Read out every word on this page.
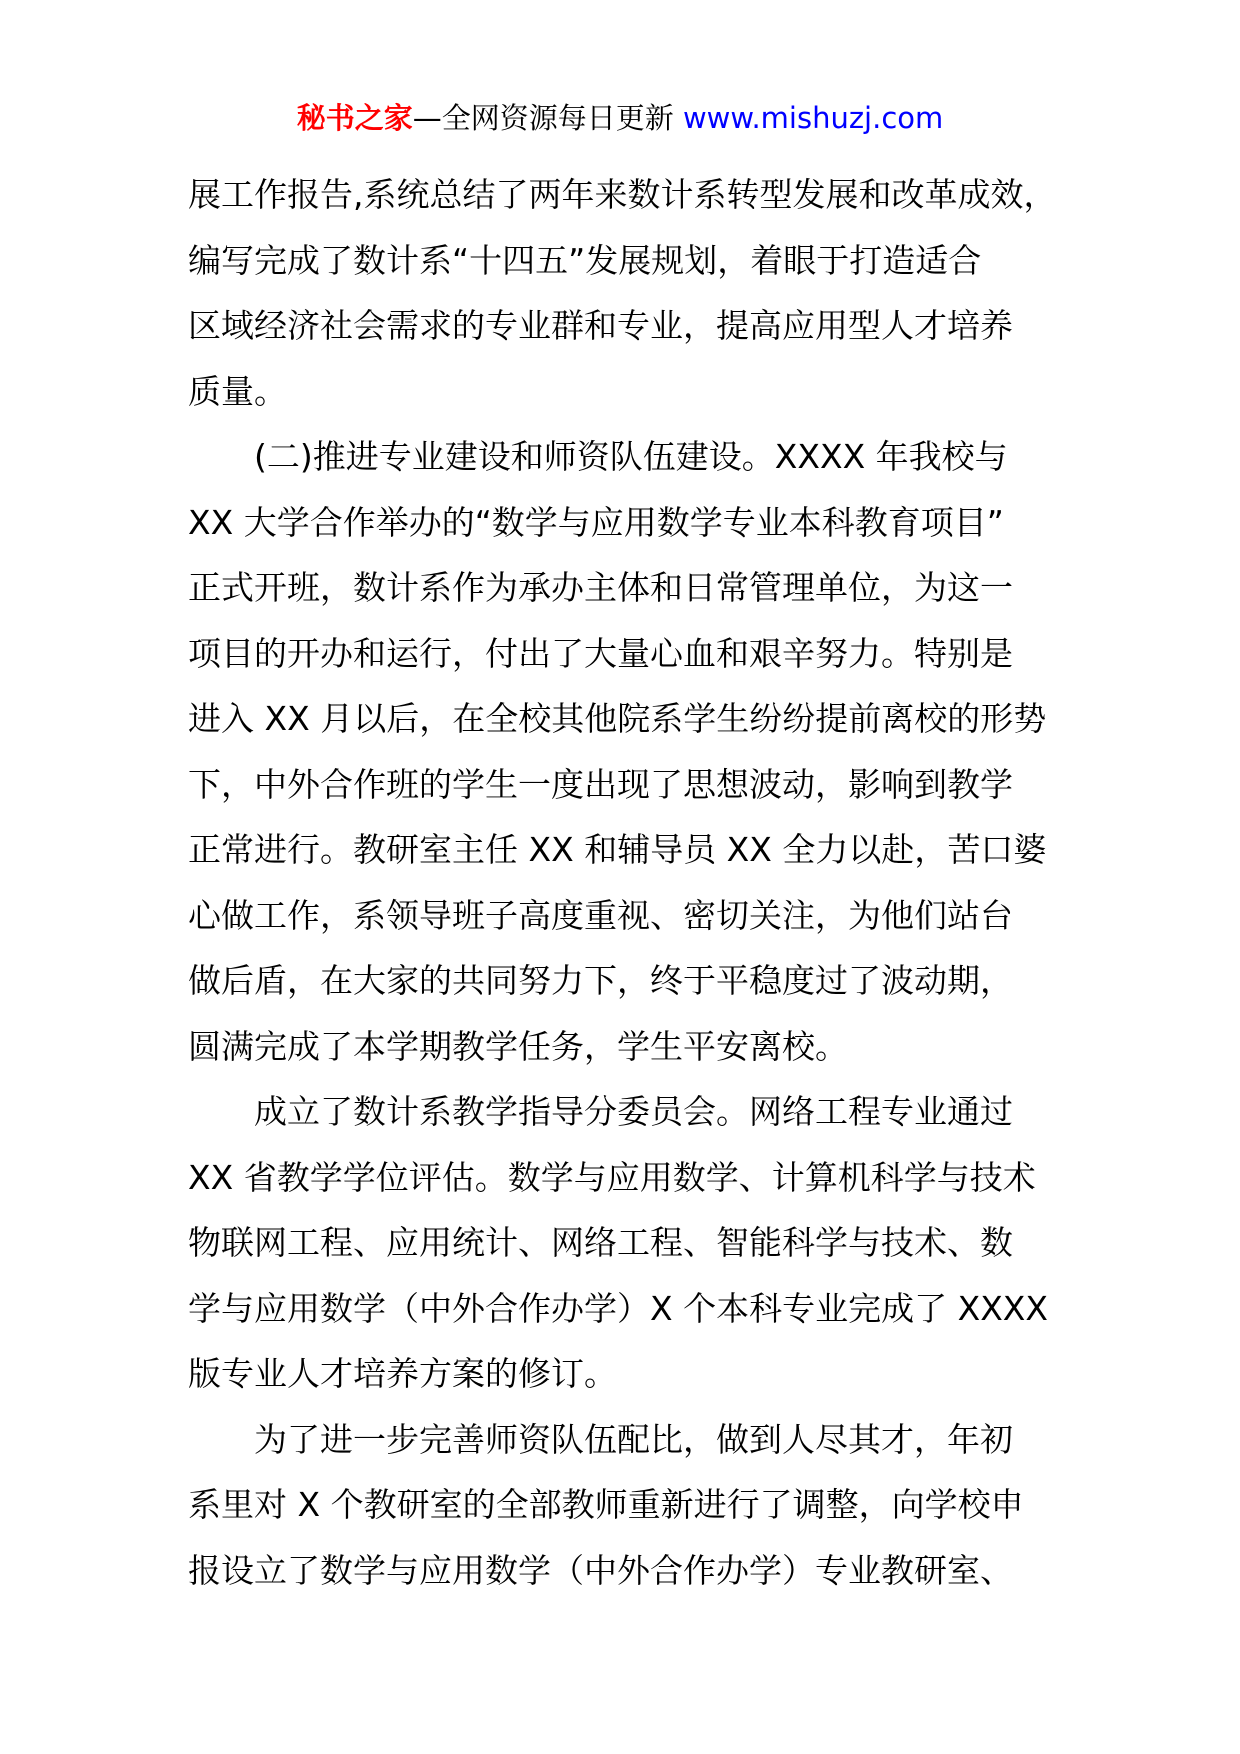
秘书之家—全网资源每日更新 www.mishuzj.com
展工作报告,系统总结了两年来数计系转型发展和改革成效，
编写完成了数计系“十四五”发展规划，着眼于打造适合
区域经济社会需求的专业群和专业，提高应用型人才培养
质量。
(二)推进专业建设和师资队伍建设。XXXX 年我校与
XX 大学合作举办的“数学与应用数学专业本科教育项目”
正式开班，数计系作为承办主体和日常管理单位，为这一
项目的开办和运行，付出了大量心血和艰辛努力。特别是
进入 XX 月以后，在全校其他院系学生纷纷提前离校的形势
下，中外合作班的学生一度出现了思想波动，影响到教学
正常进行。教研室主任 XX 和辅导员 XX 全力以赴，苦口婆
心做工作，系领导班子高度重视、密切关注，为他们站台
做后盾，在大家的共同努力下，终于平稳度过了波动期，
圆满完成了本学期教学任务，学生平安离校。
成立了数计系教学指导分委员会。网络工程专业通过
XX 省教学学位评估。数学与应用数学、计算机科学与技术
物联网工程、应用统计、网络工程、智能科学与技术、数
学与应用数学（中外合作办学）X 个本科专业完成了 XXXX
版专业人才培养方案的修订。
为了进一步完善师资队伍配比，做到人尽其才，年初
系里对 X 个教研室的全部教师重新进行了调整，向学校申
报设立了数学与应用数学（中外合作办学）专业教研室、
